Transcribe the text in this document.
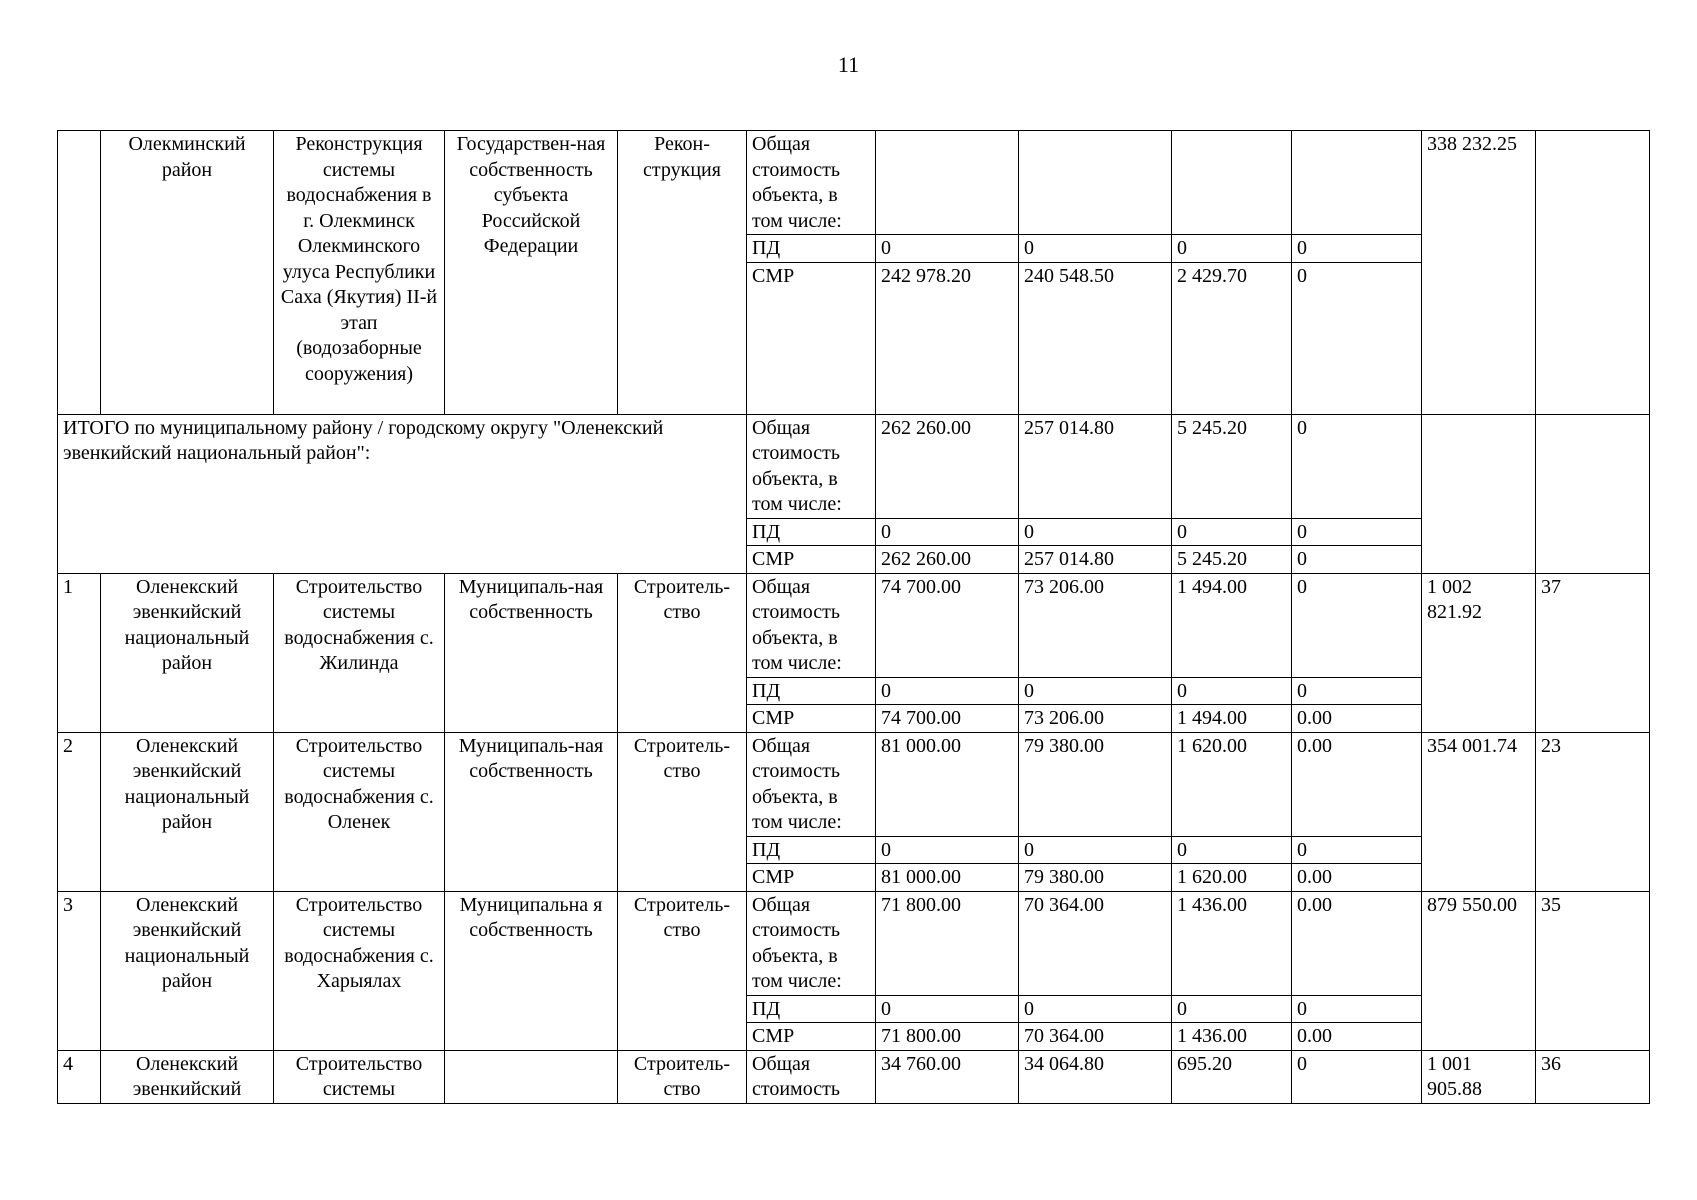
11
	Олекминский район	Реконструкция системы водоснабжения в г. Олекминск Олекминского улуса Республики Саха (Якутия) II-й этап (водозаборные сооружения)	Государствен-ная собственность субъекта Российской Федерации	Рекон-струкция	Общая стоимость объекта, в том числе:					338 232.25	
					ПД	0	0	0	0		
					СМР	242 978.20	240 548.50	2 429.70	0		
ИТОГО по муниципальному району / городскому округу "Оленекский эвенкийский национальный район":					Общая стоимость объекта, в том числе:	262 260.00	257 014.80	5 245.20	0		
					ПД	0	0	0	0		
					СМР	262 260.00	257 014.80	5 245.20	0		
1	Оленекский эвенкийский национальный район	Строительство системы водоснабжения с. Жилинда	Муниципаль-ная собственность	Строитель-ство	Общая стоимость объекта, в том числе:	74 700.00	73 206.00	1 494.00	0	1 002 821.92	37
					ПД	0	0	0	0		
					СМР	74 700.00	73 206.00	1 494.00	0.00		
2	Оленекский эвенкийский национальный район	Строительство системы водоснабжения с. Оленек	Муниципаль-ная собственность	Строитель-ство	Общая стоимость объекта, в том числе:	81 000.00	79 380.00	1 620.00	0.00	354 001.74	23
					ПД	0	0	0	0		
					СМР	81 000.00	79 380.00	1 620.00	0.00		
3	Оленекский эвенкийский национальный район	Строительство системы водоснабжения с. Харыялах	Муниципальна я собственность	Строитель-ство	Общая стоимость объекта, в том числе:	71 800.00	70 364.00	1 436.00	0.00	879 550.00	35
					ПД	0	0	0	0		
					СМР	71 800.00	70 364.00	1 436.00	0.00		
4	Оленекский эвенкийский	Строительство системы		Строитель-ство	Общая стоимость	34 760.00	34 064.80	695.20	0	1 001 905.88	36
